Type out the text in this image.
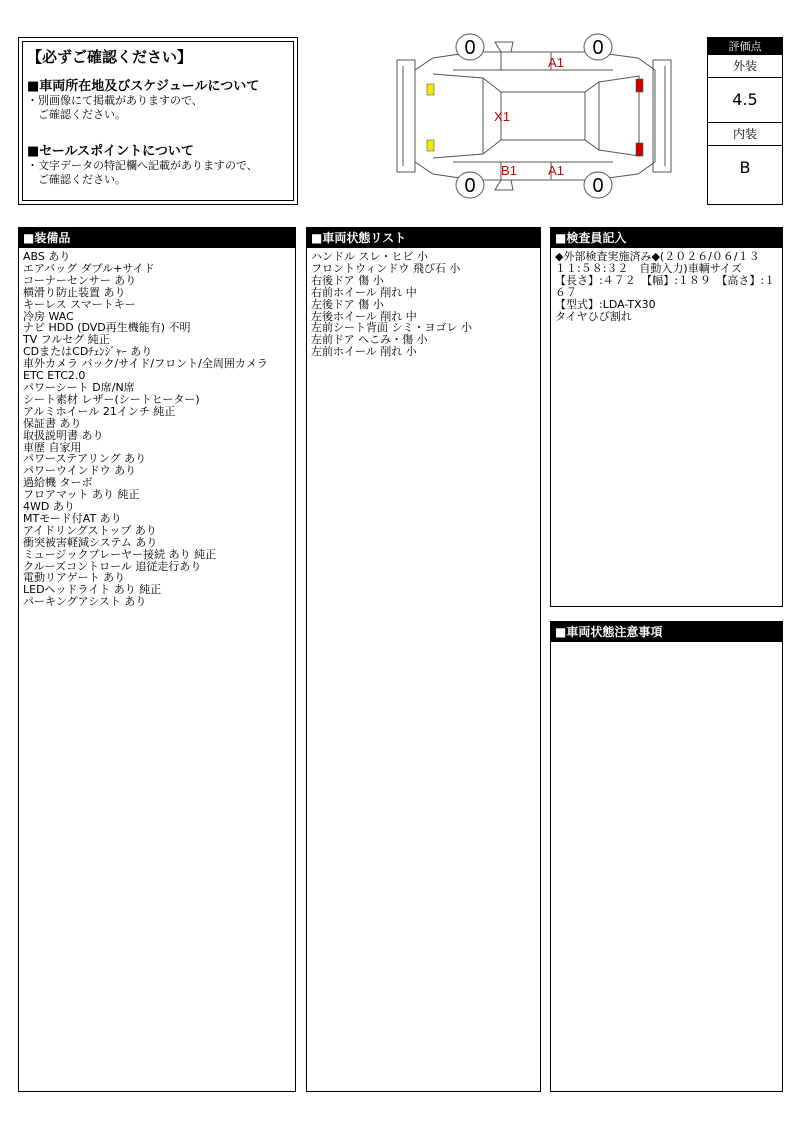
【必ずご確認ください】
■車両所在地及びスケジュールについて
・別画像にて掲載がありますので、
　ご確認ください。
■セールスポイントについて
・文字データの特記欄へ記載がありますので、
　ご確認ください。
0	0
0	0
A1
X1
B1 A1
評価点
外装
4.5
内装
B
■装備品
ABS あり
エアバッグ ダブル+サイド
コーナーセンサー あり
横滑り防止装置 あり
キーレス スマートキー
冷房 WAC
ナビ HDD (DVD再生機能有) 不明
TV フルセグ 純正
CDまたはCDﾁｪﾝｼﾞｬｰ あり
車外カメラ バック/サイド/フロント/全周囲カメラ
ETC ETC2.0
パワーシート D席/N席
シート素材 レザー(シートヒーター)
アルミホイール 21インチ 純正
保証書 あり
取扱説明書 あり
車歴 自家用
パワーステアリング あり
パワーウインドウ あり
過給機 ターボ
フロアマット あり 純正
4WD あり
MTモード付AT あり
アイドリングストップ あり
衝突被害軽減システム あり
ミュージックプレーヤー接続 あり 純正
クルーズコントロール 追従走行あり
電動リアゲート あり
LEDヘッドライト あり 純正
パーキングアシスト あり
■車両状態リスト
ハンドル スレ・ヒビ 小
フロントウィンドウ 飛び石 小
右後ドア 傷 小
右前ホイール 削れ 中
左後ドア 傷 小
左後ホイール 削れ 中
左前シート背面 シミ・ヨゴレ 小
左前ドア へこみ・傷 小
左前ホイール 削れ 小
■検査員記入
◆外部検査実施済み◆(２０２６/０６/１３　１１:５８:３２　自動入力)車輌サイズ
【長さ】:４７２　【幅】:１８９　【高さ】:１６７
【型式】:LDA-TX30
タイヤひび割れ
■車両状態注意事項
